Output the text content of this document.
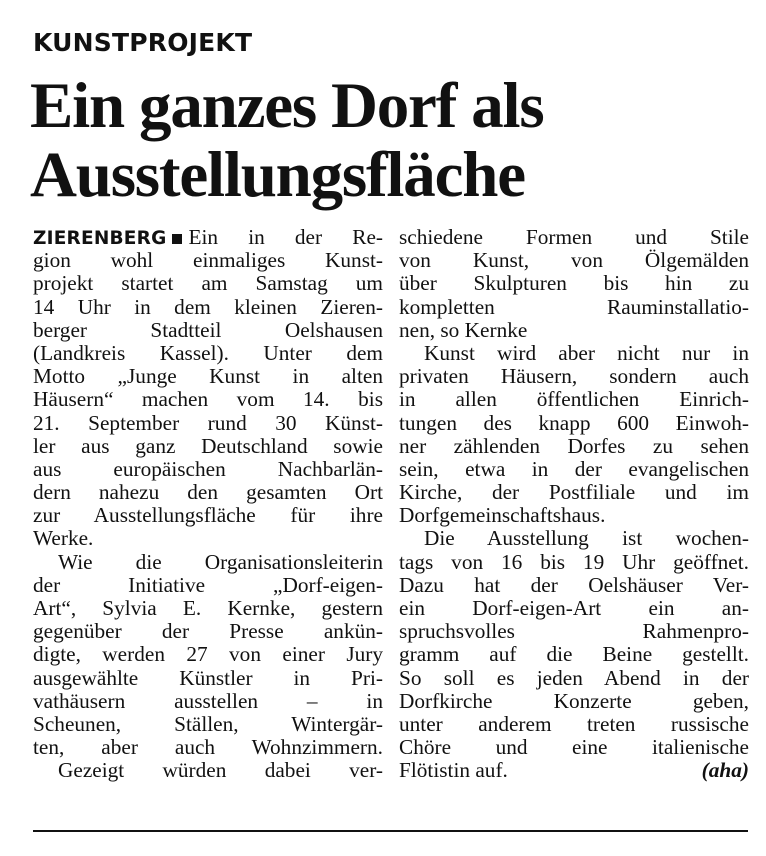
KUNSTPROJEKT
Ein ganzes Dorf als
Ausstellungsfläche
ZIERENBERG Ein in der Re-
gion wohl einmaliges Kunst-
projekt startet am Samstag um
14 Uhr in dem kleinen Zieren-
berger Stadtteil Oelshausen
(Landkreis Kassel). Unter dem
Motto „Junge Kunst in alten
Häusern“ machen vom 14. bis
21. September rund 30 Künst-
ler aus ganz Deutschland sowie
aus europäischen Nachbarlän-
dern nahezu den gesamten Ort
zur Ausstellungsfläche für ihre
Werke.
Wie die Organisationsleiterin
der Initiative „Dorf-eigen-
Art“, Sylvia E. Kernke, gestern
gegenüber der Presse ankün-
digte, werden 27 von einer Jury
ausgewählte Künstler in Pri-
vathäusern ausstellen – in
Scheunen, Ställen, Wintergär-
ten, aber auch Wohnzimmern.
Gezeigt würden dabei ver-
schiedene Formen und Stile
von Kunst, von Ölgemälden
über Skulpturen bis hin zu
kompletten Rauminstallatio-
nen, so Kernke
Kunst wird aber nicht nur in
privaten Häusern, sondern auch
in allen öffentlichen Einrich-
tungen des knapp 600 Einwoh-
ner zählenden Dorfes zu sehen
sein, etwa in der evangelischen
Kirche, der Postfiliale und im
Dorfgemeinschaftshaus.
Die Ausstellung ist wochen-
tags von 16 bis 19 Uhr geöffnet.
Dazu hat der Oelshäuser Ver-
ein Dorf-eigen-Art ein an-
spruchsvolles Rahmenpro-
gramm auf die Beine gestellt.
So soll es jeden Abend in der
Dorfkirche Konzerte geben,
unter anderem treten russische
Chöre und eine italienische
Flötistin auf.	(aha)
